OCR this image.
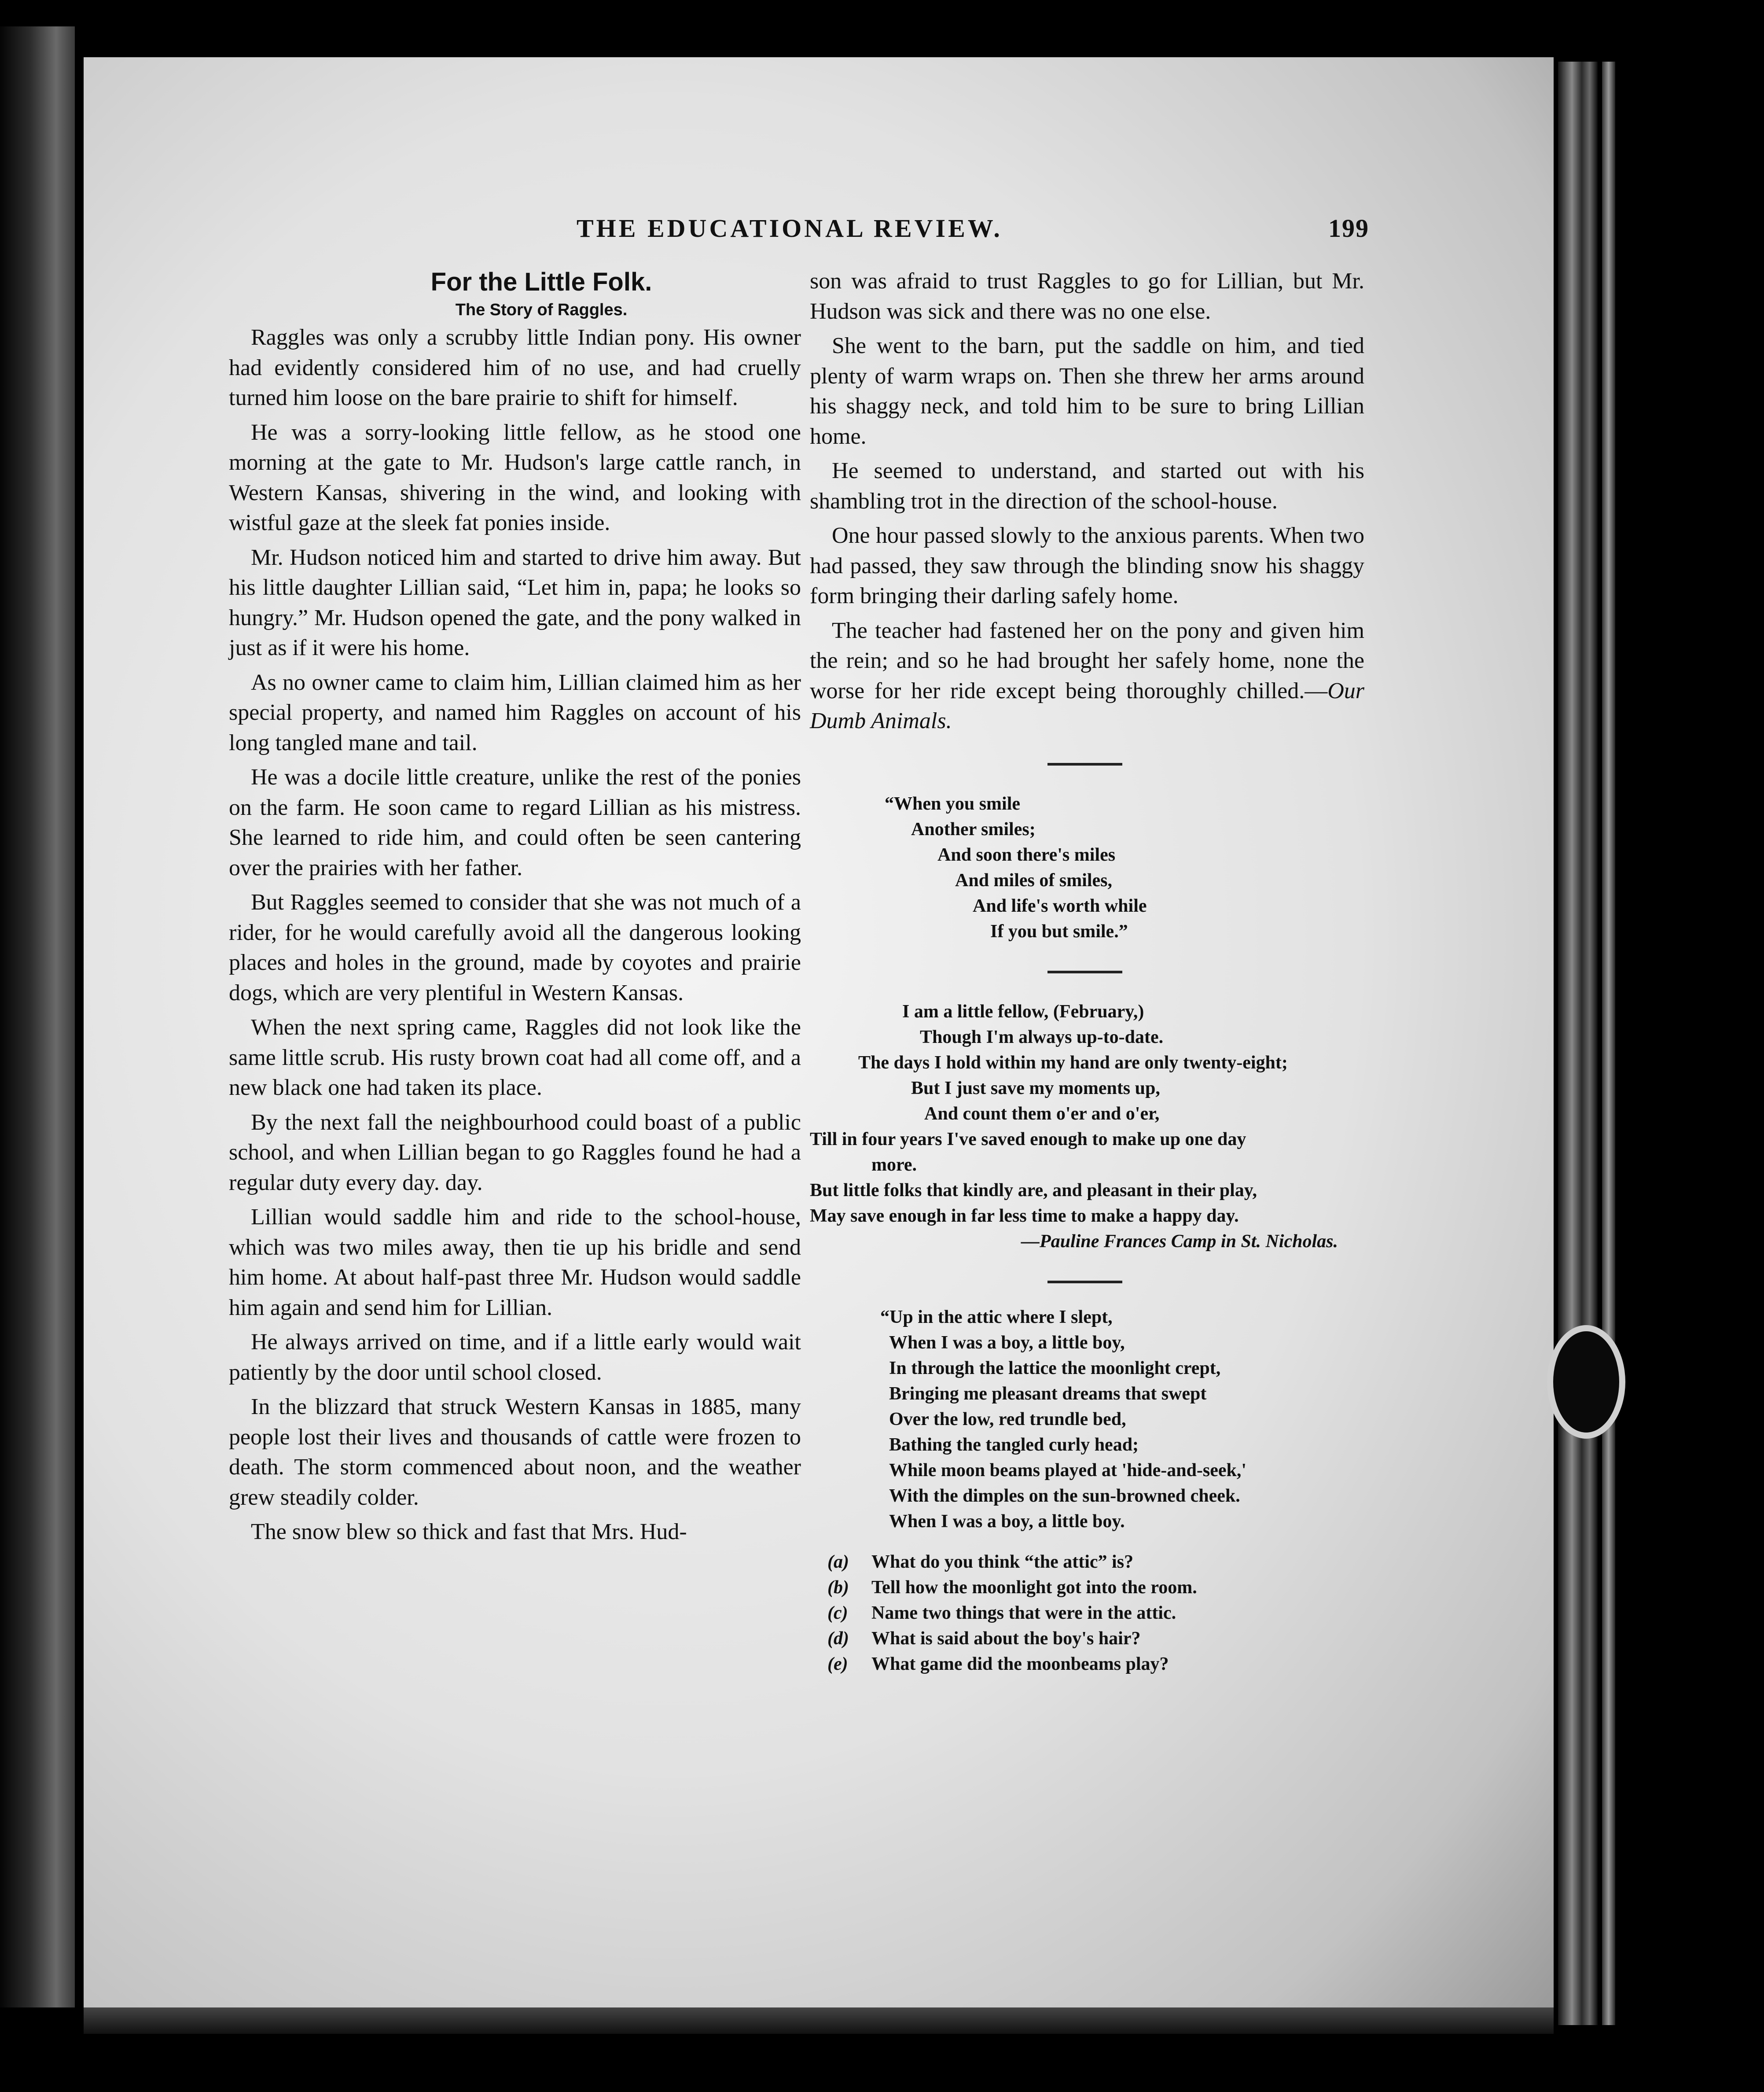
THE EDUCATIONAL REVIEW.	199
For the Little Folk.
The Story of Raggles.

Raggles was only a scrubby little Indian pony. His owner had evidently considered him of no use, and had cruelly turned him loose on the bare prairie to shift for himself.

He was a sorry-looking little fellow, as he stood one morning at the gate to Mr. Hudson's large cattle ranch, in Western Kansas, shivering in the wind, and looking with wistful gaze at the sleek fat ponies inside.

Mr. Hudson noticed him and started to drive him away. But his little daughter Lillian said, “Let him in, papa; he looks so hungry.” Mr. Hudson opened the gate, and the pony walked in just as if it were his home.

As no owner came to claim him, Lillian claimed him as her special property, and named him Raggles on account of his long tangled mane and tail.

He was a docile little creature, unlike the rest of the ponies on the farm. He soon came to regard Lillian as his mistress. She learned to ride him, and could often be seen cantering over the prairies with her father.

But Raggles seemed to consider that she was not much of a rider, for he would carefully avoid all the dangerous looking places and holes in the ground, made by coyotes and prairie dogs, which are very plentiful in Western Kansas.

When the next spring came, Raggles did not look like the same little scrub. His rusty brown coat had all come off, and a new black one had taken its place.

By the next fall the neighbourhood could boast of a public school, and when Lillian began to go Raggles found he had a regular duty every day. day.

Lillian would saddle him and ride to the school-house, which was two miles away, then tie up his bridle and send him home. At about half-past three Mr. Hudson would saddle him again and send him for Lillian.

He always arrived on time, and if a little early would wait patiently by the door until school closed.

In the blizzard that struck Western Kansas in 1885, many people lost their lives and thousands of cattle were frozen to death. The storm commenced about noon, and the weather grew steadily colder.

The snow blew so thick and fast that Mrs. Hud-

son was afraid to trust Raggles to go for Lillian, but Mr. Hudson was sick and there was no one else.

She went to the barn, put the saddle on him, and tied plenty of warm wraps on. Then she threw her arms around his shaggy neck, and told him to be sure to bring Lillian home.

He seemed to understand, and started out with his shambling trot in the direction of the school-house.

One hour passed slowly to the anxious parents. When two had passed, they saw through the blinding snow his shaggy form bringing their darling safely home.

The teacher had fastened her on the pony and given him the rein; and so he had brought her safely home, none the worse for her ride except being thoroughly chilled.—Our Dumb Animals.

“When you smile
Another smiles;
And soon there's miles
And miles of smiles,
And life's worth while
If you but smile.”
I am a little fellow, (February,)
Though I'm always up-to-date.
The days I hold within my hand are only twenty-eight;
But I just save my moments up,
And count them o'er and o'er,
Till in four years I've saved enough to make up one day
more.
But little folks that kindly are, and pleasant in their play,
May save enough in far less time to make a happy day.
—Pauline Frances Camp in St. Nicholas.
“Up in the attic where I slept,
When I was a boy, a little boy,
In through the lattice the moonlight crept,
Bringing me pleasant dreams that swept
Over the low, red trundle bed,
Bathing the tangled curly head;
While moon beams played at 'hide-and-seek,'
With the dimples on the sun-browned cheek.
When I was a boy, a little boy.
(a) What do you think “the attic” is?
(b) Tell how the moonlight got into the room.
(c) Name two things that were in the attic.
(d) What is said about the boy's hair?
(e) What game did the moonbeams play?
